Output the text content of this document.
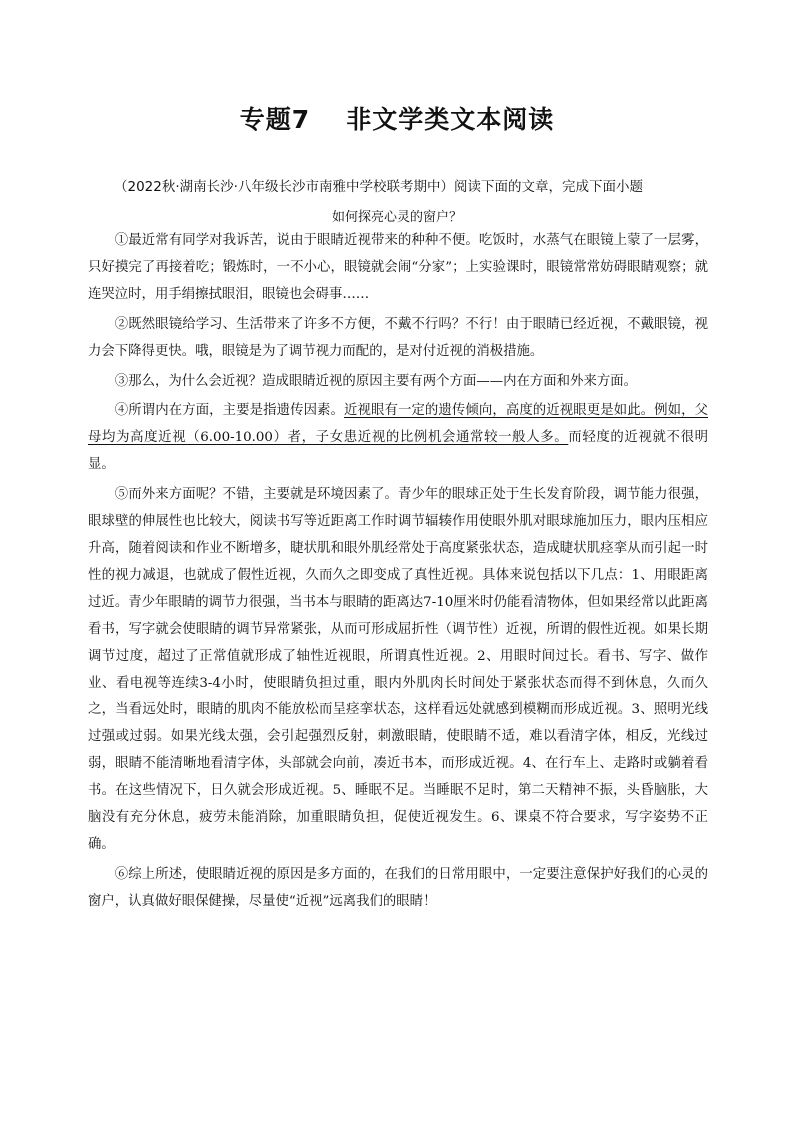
专题7 非文学类文本阅读
（2022秋·湖南长沙·八年级长沙市南雅中学校联考期中）阅读下面的文章，完成下面小题
如何探亮心灵的窗户？

①最近常有同学对我诉苦，说由于眼睛近视带来的种种不便。吃饭时，水蒸气在眼镜上蒙了一层雾，只好摸完了再接着吃；锻炼时，一不小心，眼镜就会闹“分家”；上实验课时，眼镜常常妨碍眼睛观察；就连哭泣时，用手绢擦拭眼泪，眼镜也会碍事……

②既然眼镜给学习、生活带来了许多不方便，不戴不行吗？不行！由于眼睛已经近视，不戴眼镜，视力会下降得更快。哦，眼镜是为了调节视力而配的，是对付近视的消极措施。

③那么，为什么会近视？造成眼睛近视的原因主要有两个方面——内在方面和外来方面。

④所谓内在方面，主要是指遗传因素。近视眼有一定的遗传倾向，高度的近视眼更是如此。例如，父母均为高度近视（6.00-10.00）者，子女患近视的比例机会通常较一般人多。而轻度的近视就不很明显。

⑤而外来方面呢？不错，主要就是环境因素了。青少年的眼球正处于生长发育阶段，调节能力很强，眼球壁的伸展性也比较大，阅读书写等近距离工作时调节辐辏作用使眼外肌对眼球施加压力，眼内压相应升高，随着阅读和作业不断增多，睫状肌和眼外肌经常处于高度紧张状态，造成睫状肌痉挛从而引起一时性的视力减退，也就成了假性近视，久而久之即变成了真性近视。具体来说包括以下几点：1、用眼距离过近。青少年眼睛的调节力很强，当书本与眼睛的距离达7-10厘米时仍能看清物体，但如果经常以此距离看书，写字就会使眼睛的调节异常紧张，从而可形成屈折性（调节性）近视，所谓的假性近视。如果长期调节过度，超过了正常值就形成了轴性近视眼，所谓真性近视。2、用眼时间过长。看书、写字、做作业、看电视等连续3-4小时，使眼睛负担过重，眼内外肌肉长时间处于紧张状态而得不到休息，久而久之，当看远处时，眼睛的肌肉不能放松而呈痉挛状态，这样看远处就感到模糊而形成近视。3、照明光线过强或过弱。如果光线太强，会引起强烈反射，刺激眼睛，使眼睛不适，难以看清字体，相反，光线过弱，眼睛不能清晰地看清字体，头部就会向前，凑近书本，而形成近视。4、在行车上、走路时或躺着看书。在这些情况下，日久就会形成近视。5、睡眠不足。当睡眠不足时，第二天精神不振，头昏脑胀，大脑没有充分休息，疲劳未能消除，加重眼睛负担，促使近视发生。6、课桌不符合要求，写字姿势不正确。

⑥综上所述，使眼睛近视的原因是多方面的，在我们的日常用眼中，一定要注意保护好我们的心灵的窗户，认真做好眼保健操，尽量使“近视”远离我们的眼睛！
